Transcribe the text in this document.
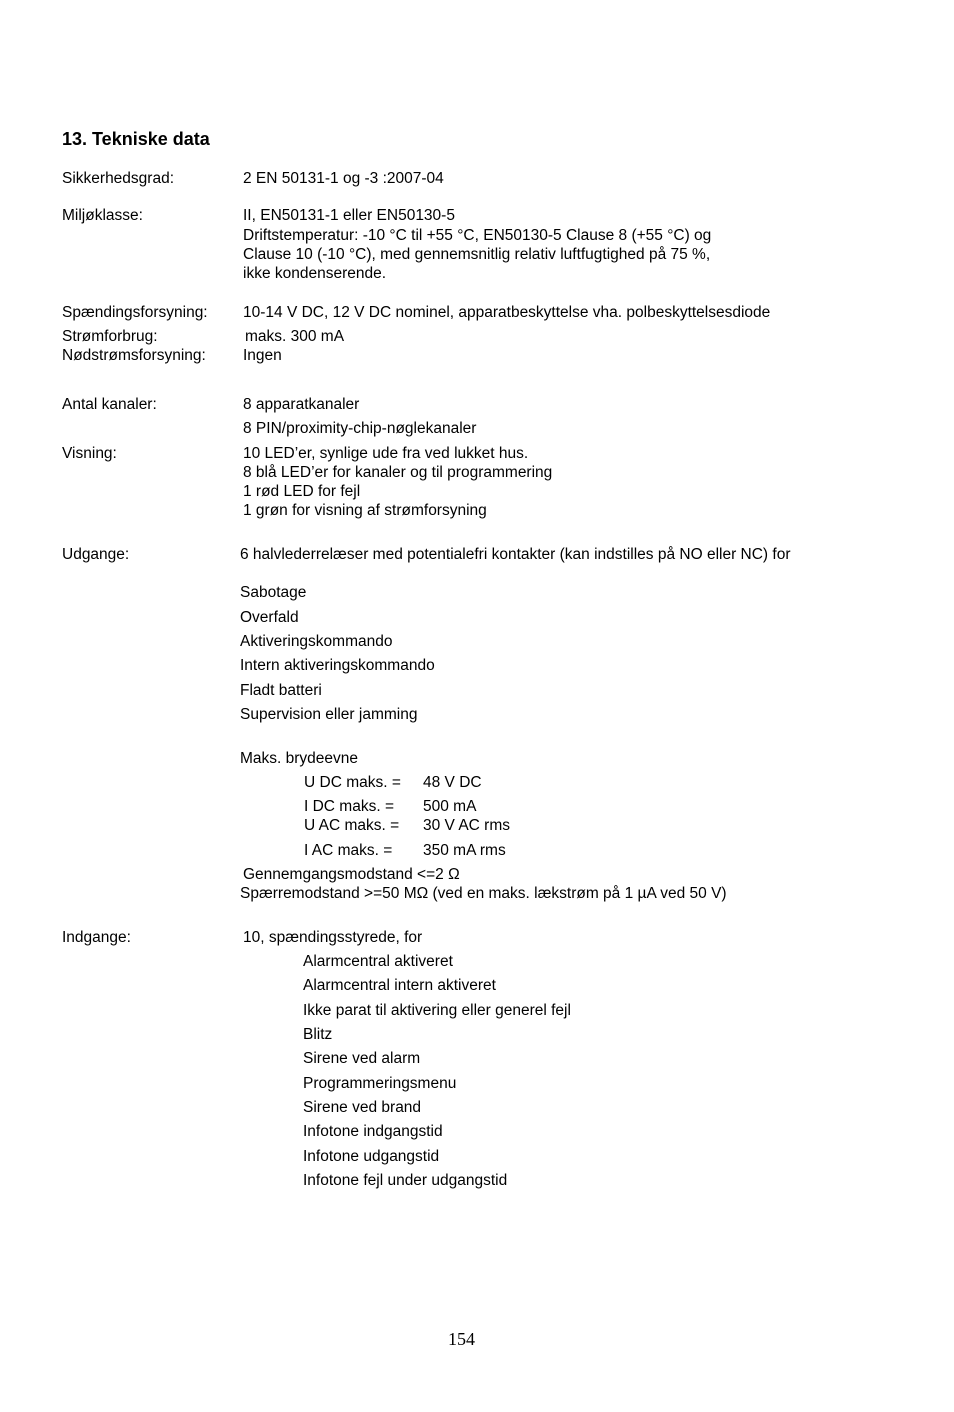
13. Tekniske data
Sikkerhedsgrad:	2 EN 50131-1 og -3 :2007-04
Miljøklasse:	II, EN50131-1 eller EN50130-5
Driftstemperatur: -10 °C til +55 °C, EN50130-5 Clause 8 (+55 °C) og
Clause 10 (-10 °C), med gennemsnitlig relativ luftfugtighed på 75 %,
ikke kondenserende.
Spændingsforsyning: 10-14 V DC, 12 V DC nominel, apparatbeskyttelse vha. polbeskyttelsesdiode
Strømforbrug:	maks. 300 mA
Nødstrømsforsyning: Ingen
Antal kanaler:	8 apparatkanaler
8 PIN/proximity-chip-nøglekanaler
Visning:	10 LED’er, synlige ude fra ved lukket hus.
8 blå LED’er for kanaler og til programmering
1 rød LED for fejl
1 grøn for visning af strømforsyning
Udgange:	6 halvlederrelæser med potentialefri kontakter (kan indstilles på NO eller NC) for
Sabotage
Overfald
Aktiveringskommando
Intern aktiveringskommando
Fladt batteri
Supervision eller jamming
Maks. brydeevne
U DC maks. = 48 V DC
I DC maks. = 500 mA
U AC maks. = 30 V AC rms
I AC maks. = 350 mA rms
Gennemgangsmodstand <=2 Ω
Spærremodstand >=50 MΩ (ved en maks. lækstrøm på 1 µA ved 50 V)
Indgange:	10, spændingsstyrede, for
Alarmcentral aktiveret
Alarmcentral intern aktiveret
Ikke parat til aktivering eller generel fejl
Blitz
Sirene ved alarm
Programmeringsmenu
Sirene ved brand
Infotone indgangstid
Infotone udgangstid
Infotone fejl under udgangstid
154
